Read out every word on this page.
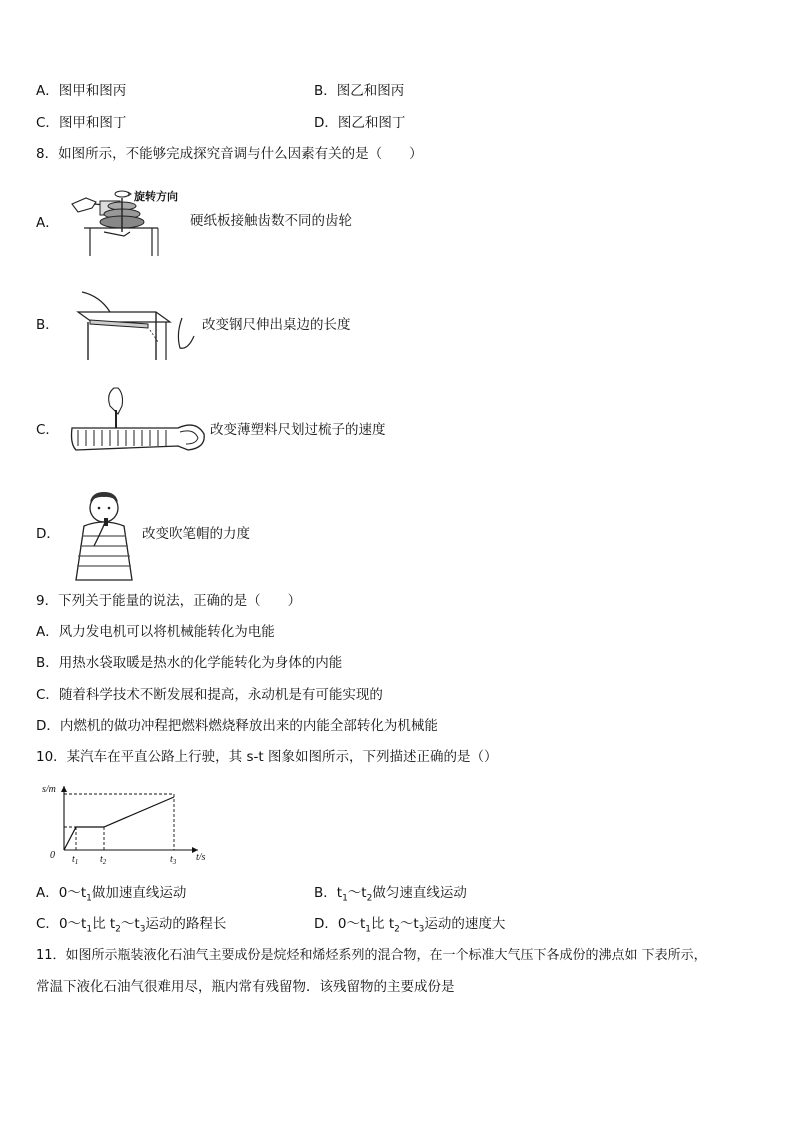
A．图甲和图丙	B．图乙和图丙
C．图甲和图丁	D．图乙和图丁
8．如图所示，不能够完成探究音调与什么因素有关的是（　　）
A．
旋转方向
硬纸板接触齿数不同的齿轮
B．	改变钢尺伸出桌边的长度
C．	改变薄塑料尺划过梳子的速度
D．	改变吹笔帽的力度
9．下列关于能量的说法，正确的是（　　）
A．风力发电机可以将机械能转化为电能
B．用热水袋取暖是热水的化学能转化为身体的内能
C．随着科学技术不断发展和提高，永动机是有可能实现的
D．内燃机的做功冲程把燃料燃烧释放出来的内能全部转化为机械能
10．某汽车在平直公路上行驶，其 s-t 图象如图所示，下列描述正确的是（）
s/m
t/s
0 $t_1$ $t_2$	$t_3$
A．$0\sim t_1$做加速直线运动	B．$t_1\sim t_2$做匀速直线运动
C．$0\sim t_1$比 $t_2\sim t_3$运动的路程长	D．$0\sim t_1$比 $t_2\sim t_3$运动的速度大
11．如图所示瓶装液化石油气主要成份是烷烃和烯烃系列的混合物，在一个标准大气压下各成份的沸点如 下表所示，
常温下液化石油气很难用尽，瓶内常有残留物．该残留物的主要成份是
